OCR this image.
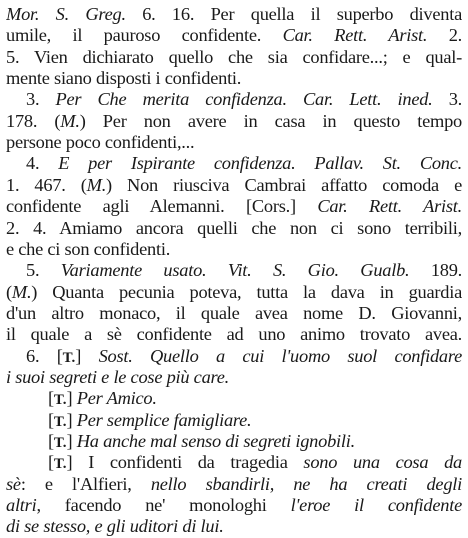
Mor. S. Greg. 6. 16. Per quella il superbo diventa
umile, il pauroso confidente. Car. Rett. Arist. 2.
5. Vien dichiarato quello che sia confidare...; e qual-
mente siano disposti i confidenti.
3. Per Che merita confidenza. Car. Lett. ined. 3.
178. (M.) Per non avere in casa in questo tempo
persone poco confidenti,...
4. E per Ispirante confidenza. Pallav. St. Conc.
1. 467. (M.) Non riusciva Cambrai affatto comoda e
confidente agli Alemanni. [Cors.] Car. Rett. Arist.
2. 4. Amiamo ancora quelli che non ci sono terribili,
e che ci son confidenti.
5. Variamente usato. Vit. S. Gio. Gualb. 189.
(M.) Quanta pecunia poteva, tutta la dava in guardia
d'un altro monaco, il quale avea nome D. Giovanni,
il quale a sè confidente ad uno animo trovato avea.
6. [T.] Sost. Quello a cui l'uomo suol confidare
i suoi segreti e le cose più care.
[T.] Per Amico.
[T.] Per semplice famigliare.
[T.] Ha anche mal senso di segreti ignobili.
[T.] I confidenti da tragedia sono una cosa da
sè: e l'Alfieri, nello sbandirli, ne ha creati degli
altri, facendo ne' monologhi l'eroe il confidente
di se stesso, e gli uditori di lui.
